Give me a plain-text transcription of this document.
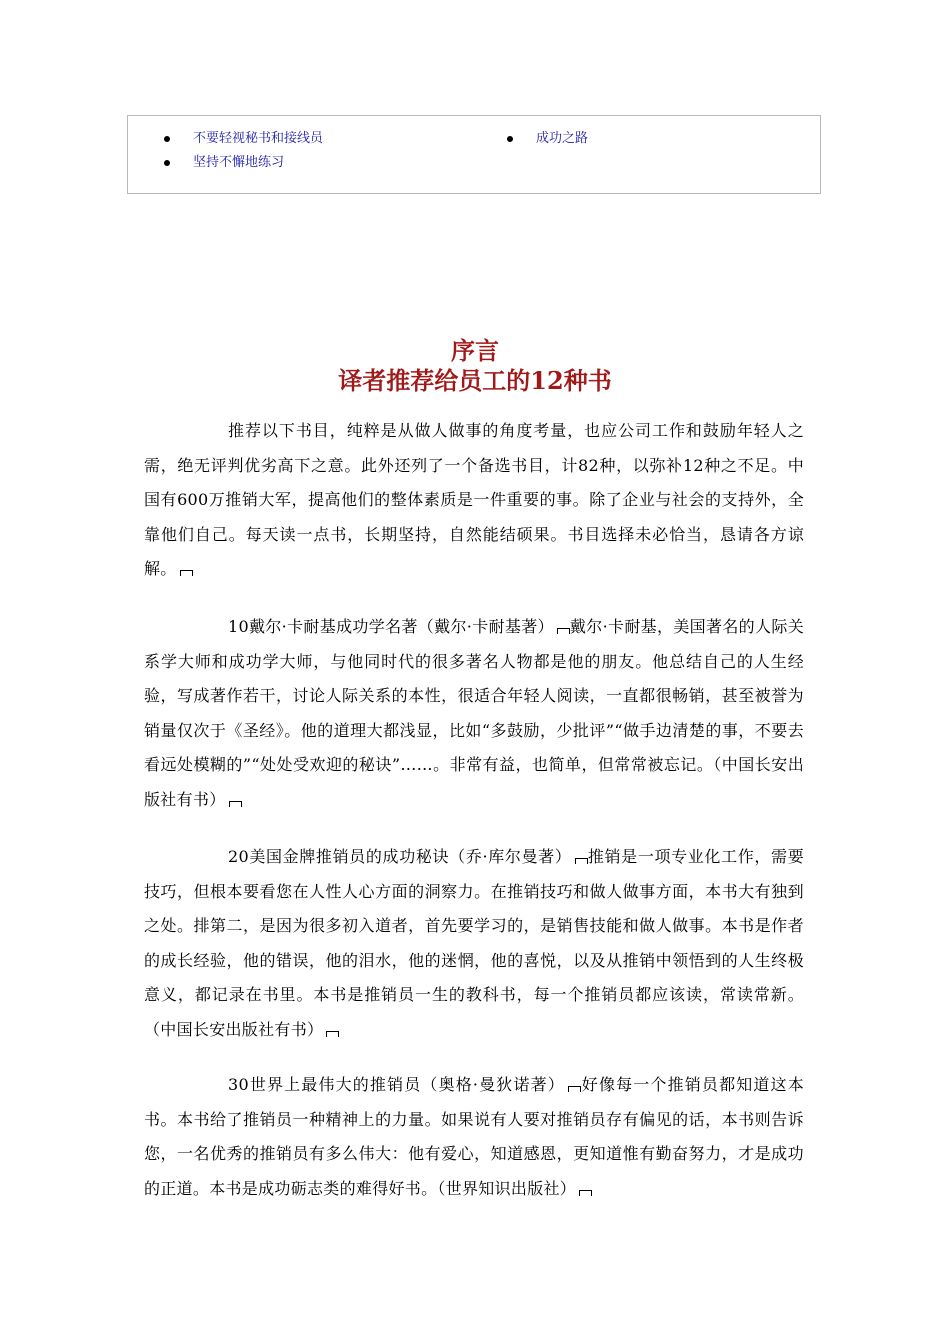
不要轻视秘书和接线员	成功之路
坚持不懈地练习
序言
译者推荐给员工的12种书
推荐以下书目，纯粹是从做人做事的角度考量，也应公司工作和鼓励年轻人之需，绝无评判优劣高下之意。此外还列了一个备选书目，计82种，以弥补12种之不足。中国有600万推销大军，提高他们的整体素质是一件重要的事。除了企业与社会的支持外，全靠他们自己。每天读一点书，长期坚持，自然能结硕果。书目选择未必恰当，恳请各方谅解。
10戴尔·卡耐基成功学名著（戴尔·卡耐基著） 戴尔·卡耐基，美国著名的人际关系学大师和成功学大师，与他同时代的很多著名人物都是他的朋友。他总结自己的人生经验，写成著作若干，讨论人际关系的本性，很适合年轻人阅读，一直都很畅销，甚至被誉为销量仅次于《圣经》。他的道理大都浅显，比如“多鼓励，少批评”“做手边清楚的事，不要去看远处模糊的”“处处受欢迎的秘诀”……。非常有益，也简单，但常常被忘记。（中国长安出版社有书）
20美国金牌推销员的成功秘诀（乔·库尔曼著） 推销是一项专业化工作，需要技巧，但根本要看您在人性人心方面的洞察力。在推销技巧和做人做事方面，本书大有独到之处。排第二，是因为很多初入道者，首先要学习的，是销售技能和做人做事。本书是作者的成长经验，他的错误，他的泪水，他的迷惘，他的喜悦，以及从推销中领悟到的人生终极意义，都记录在书里。本书是推销员一生的教科书，每一个推销员都应该读，常读常新。（中国长安出版社有书）
30世界上最伟大的推销员（奥格·曼狄诺著） 好像每一个推销员都知道这本书。本书给了推销员一种精神上的力量。如果说有人要对推销员存有偏见的话，本书则告诉您，一名优秀的推销员有多么伟大：他有爱心，知道感恩，更知道惟有勤奋努力，才是成功的正道。本书是成功砺志类的难得好书。（世界知识出版社）
